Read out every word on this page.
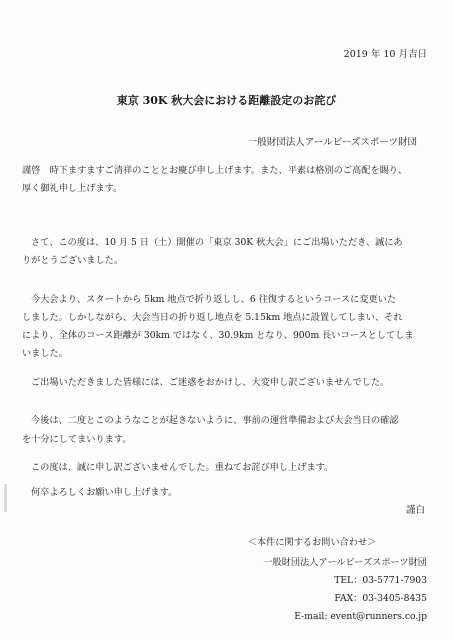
2019 年 10 月吉日
東京 30K 秋大会における距離設定のお詫び
一般財団法人アールビーズスポーツ財団
謹啓　時下ますますご清祥のこととお慶び申し上げます。また、平素は格別のご高配を賜り、
厚く御礼申し上げます。
さて、この度は、10 月 5 日（土）開催の「東京 30K 秋大会」にご出場いただき、誠にあ
りがとうございました。
今大会より、スタートから 5km 地点で折り返しし、6 往復するというコースに変更いた
しました。しかしながら、大会当日の折り返し地点を 5.15km 地点に設置してしまい、それ
により、全体のコース距離が 30km ではなく、30.9km となり、900m 長いコースとしてしま
いました。
ご出場いただきました皆様には、ご迷惑をおかけし、大変申し訳ございませんでした。
今後は、二度とこのようなことが起きないように、事前の運営準備および大会当日の確認
を十分にしてまいります。
この度は、誠に申し訳ございませんでした。重ねてお詫び申し上げます。
何卒よろしくお願い申し上げます。
謹白
＜本件に関するお問い合わせ＞
一般財団法人アールビーズスポーツ財団
TEL：03-5771-7903
FAX：03-3405-8435
E-mail: event@runners.co.jp
